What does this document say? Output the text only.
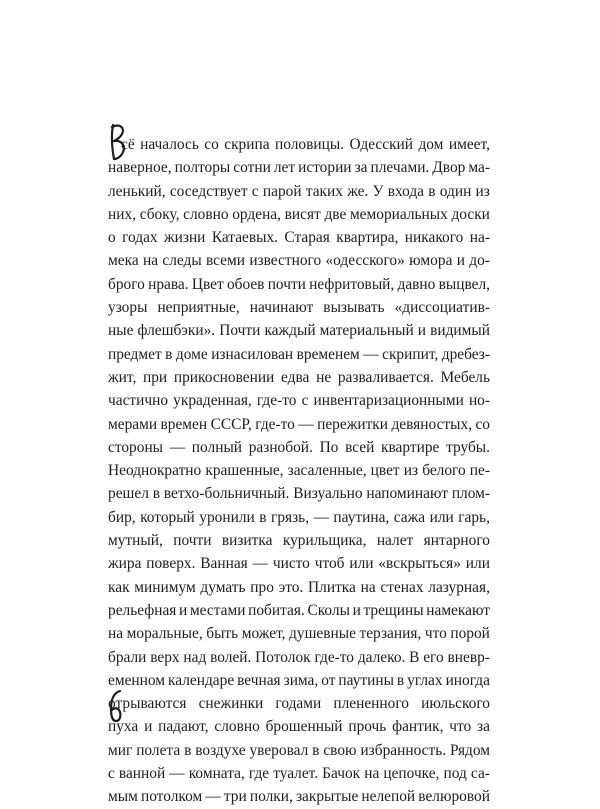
сё началось со скрипа половицы. Одесский дом имеет,
наверное, полторы сотни лет истории за плечами. Двор ма-
ленький, соседствует с парой таких же. У входа в один из
них, сбоку, словно ордена, висят две мемориальных доски
о годах жизни Катаевых. Старая квартира, никакого на-
мека на следы всеми известного «одесского» юмора и до-
брого нрава. Цвет обоев почти нефритовый, давно выцвел,
узоры неприятные, начинают вызывать «диссоциатив-
ные флешбэки». Почти каждый материальный и видимый
предмет в доме изнасилован временем — скрипит, дребез-
жит, при прикосновении едва не разваливается. Мебель
частично украденная, где-то с инвентаризационными но-
мерами времен СССР, где-то — пережитки девяностых, со
стороны — полный разнобой. По всей квартире трубы.
Неоднократно крашенные, засаленные, цвет из белого пе-
решел в ветхо-больничный. Визуально напоминают плом-
бир, который уронили в грязь, — паутина, сажа или гарь,
мутный, почти визитка курильщика, налет янтарного
жира поверх. Ванная — чисто чтоб или «вскрыться» или
как минимум думать про это. Плитка на стенах лазурная,
рельефная и местами побитая. Сколы и трещины намекают
на моральные, быть может, душевные терзания, что порой
брали верх над волей. Потолок где-то далеко. В его вневр-
еменном календаре вечная зима, от паутины в углах иногда
отрываются снежинки годами плененного июльского
пуха и падают, словно брошенный прочь фантик, что за
миг полета в воздухе уверовал в свою избранность. Рядом
с ванной — комната, где туалет. Бачок на цепочке, под са-
мым потолком — три полки, закрытые нелепой велюровой
